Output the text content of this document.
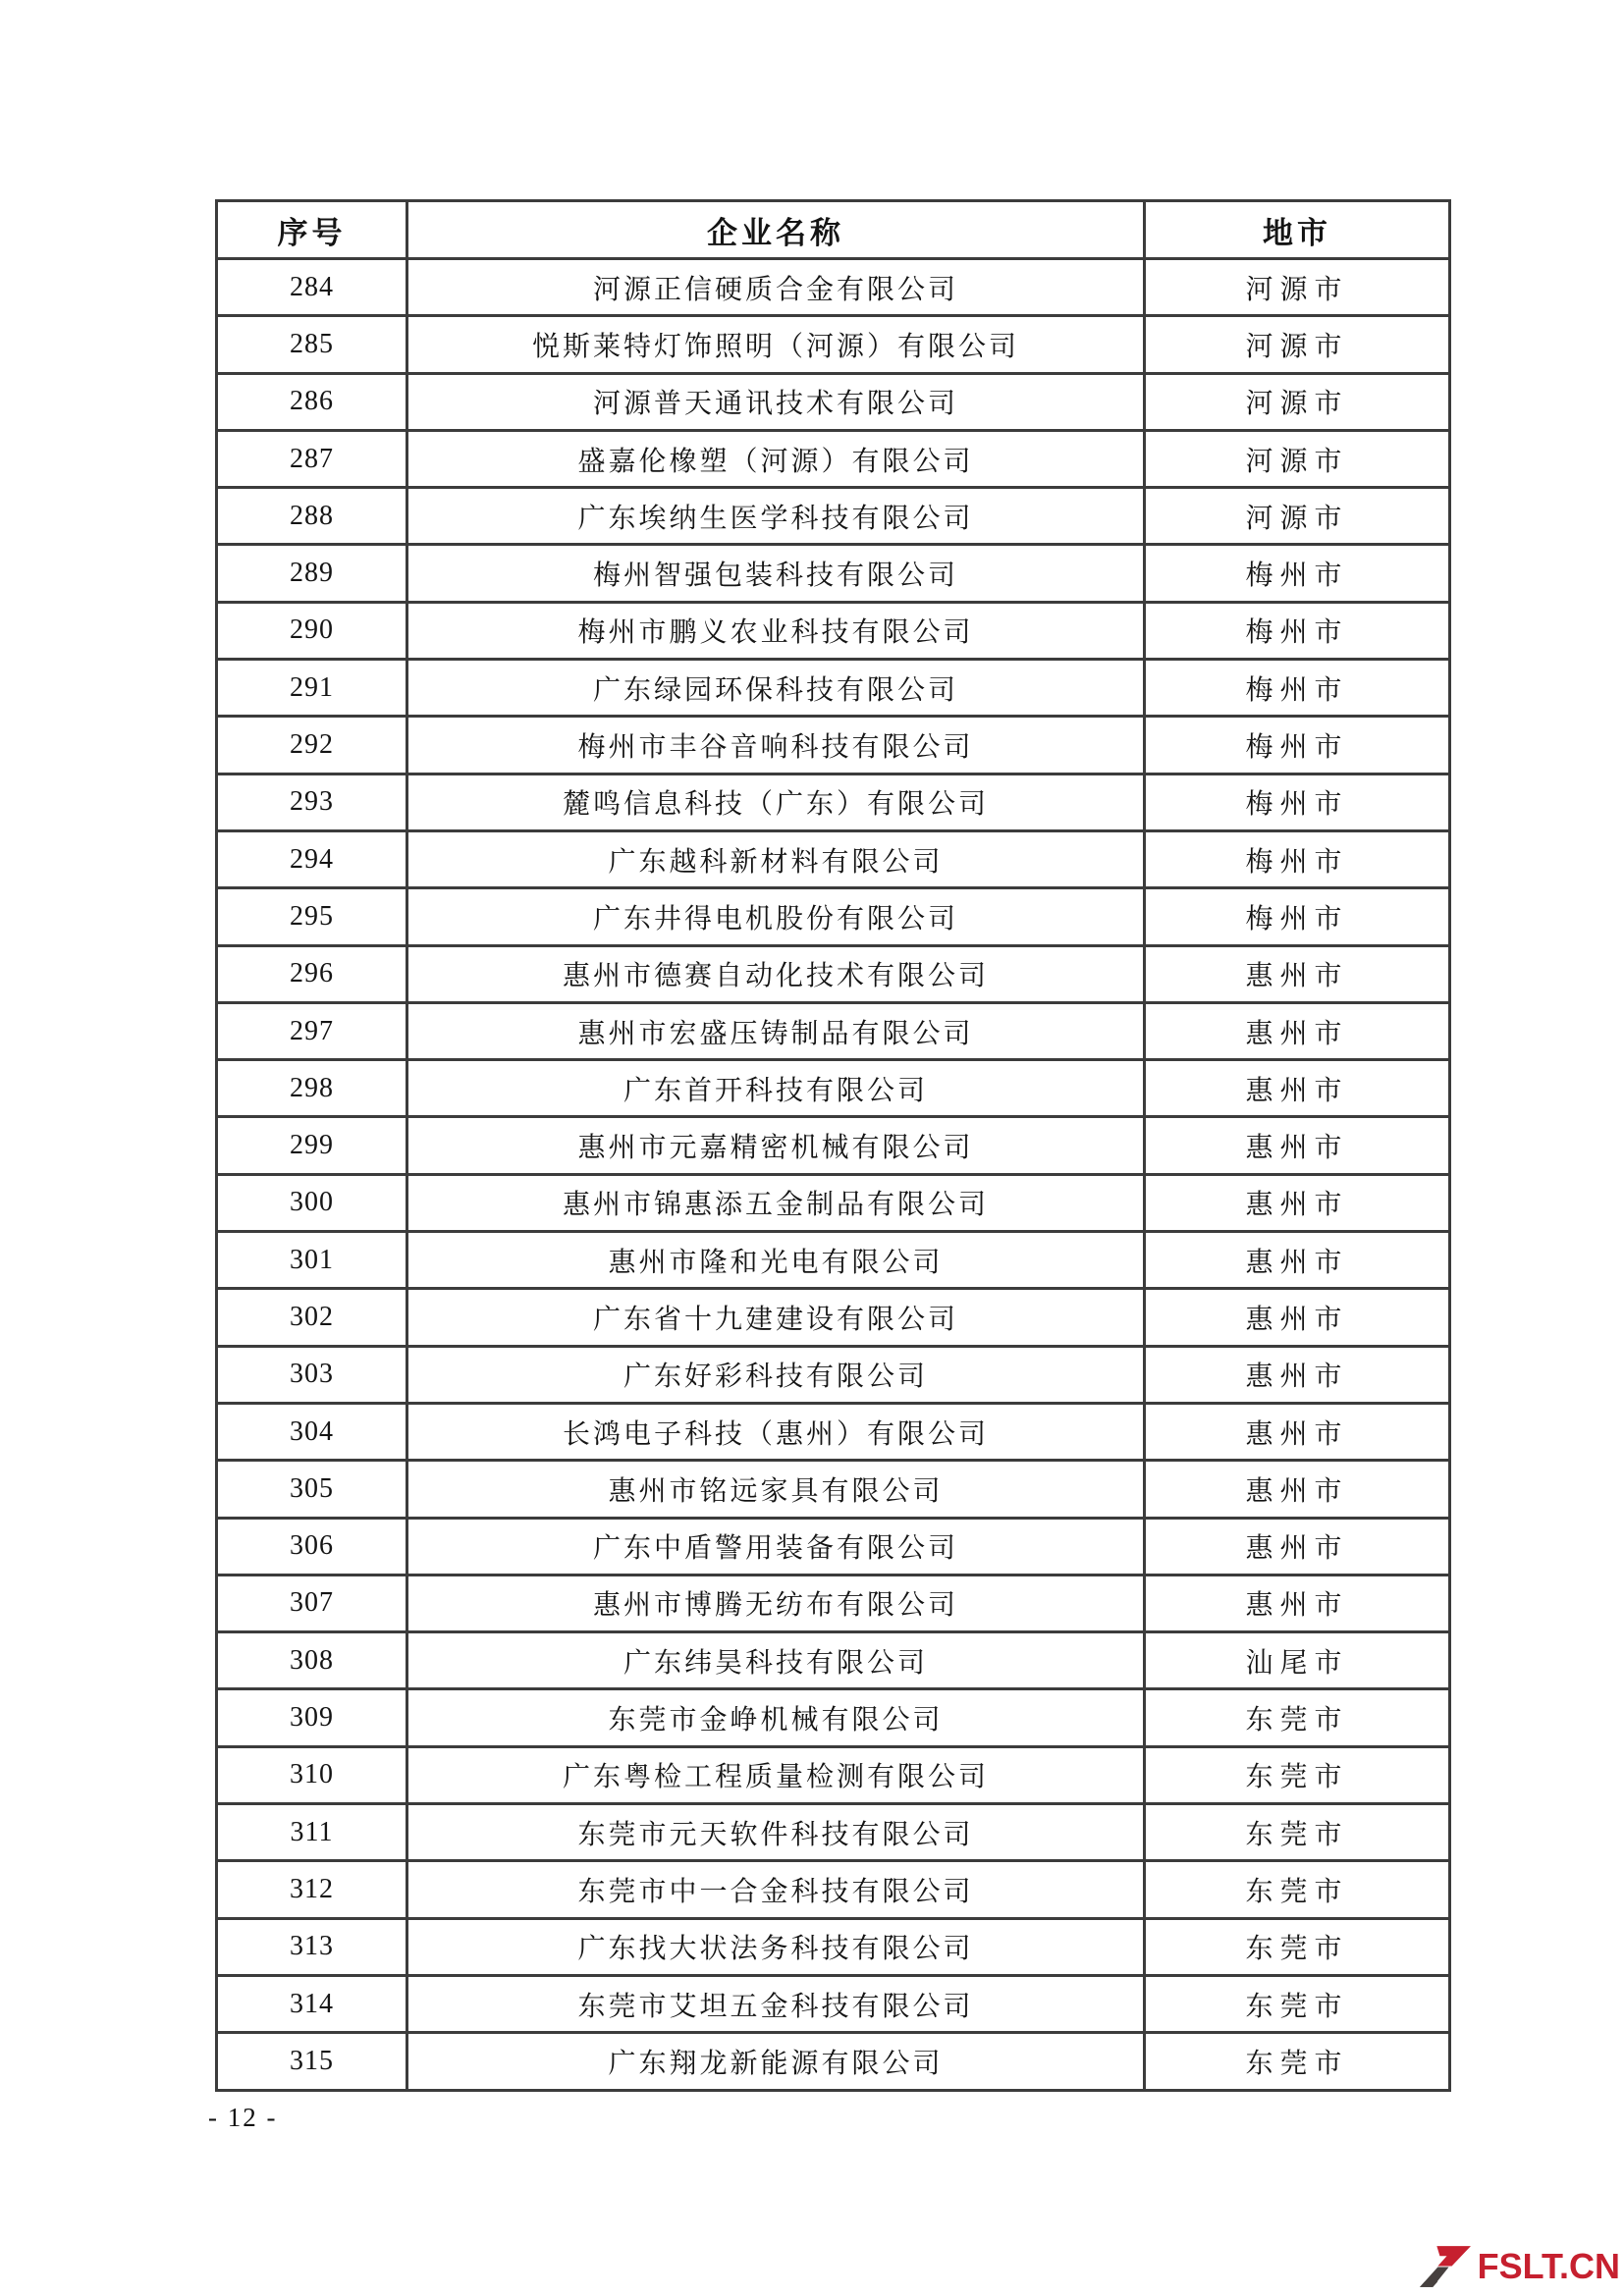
序号	企业名称	地市
284	河源正信硬质合金有限公司	河源市
285	悦斯莱特灯饰照明（河源）有限公司	河源市
286	河源普天通讯技术有限公司	河源市
287	盛嘉伦橡塑（河源）有限公司	河源市
288	广东埃纳生医学科技有限公司	河源市
289	梅州智强包装科技有限公司	梅州市
290	梅州市鹏义农业科技有限公司	梅州市
291	广东绿园环保科技有限公司	梅州市
292	梅州市丰谷音响科技有限公司	梅州市
293	麓鸣信息科技（广东）有限公司	梅州市
294	广东越科新材料有限公司	梅州市
295	广东井得电机股份有限公司	梅州市
296	惠州市德赛自动化技术有限公司	惠州市
297	惠州市宏盛压铸制品有限公司	惠州市
298	广东首开科技有限公司	惠州市
299	惠州市元嘉精密机械有限公司	惠州市
300	惠州市锦惠添五金制品有限公司	惠州市
301	惠州市隆和光电有限公司	惠州市
302	广东省十九建建设有限公司	惠州市
303	广东好彩科技有限公司	惠州市
304	长鸿电子科技（惠州）有限公司	惠州市
305	惠州市铭远家具有限公司	惠州市
306	广东中盾警用装备有限公司	惠州市
307	惠州市博腾无纺布有限公司	惠州市
308	广东纬昊科技有限公司	汕尾市
309	东莞市金峥机械有限公司	东莞市
310	广东粤检工程质量检测有限公司	东莞市
311	东莞市元天软件科技有限公司	东莞市
312	东莞市中一合金科技有限公司	东莞市
313	广东找大状法务科技有限公司	东莞市
314	东莞市艾坦五金科技有限公司	东莞市
315	广东翔龙新能源有限公司	东莞市
- 12 -
FSLT.CN
